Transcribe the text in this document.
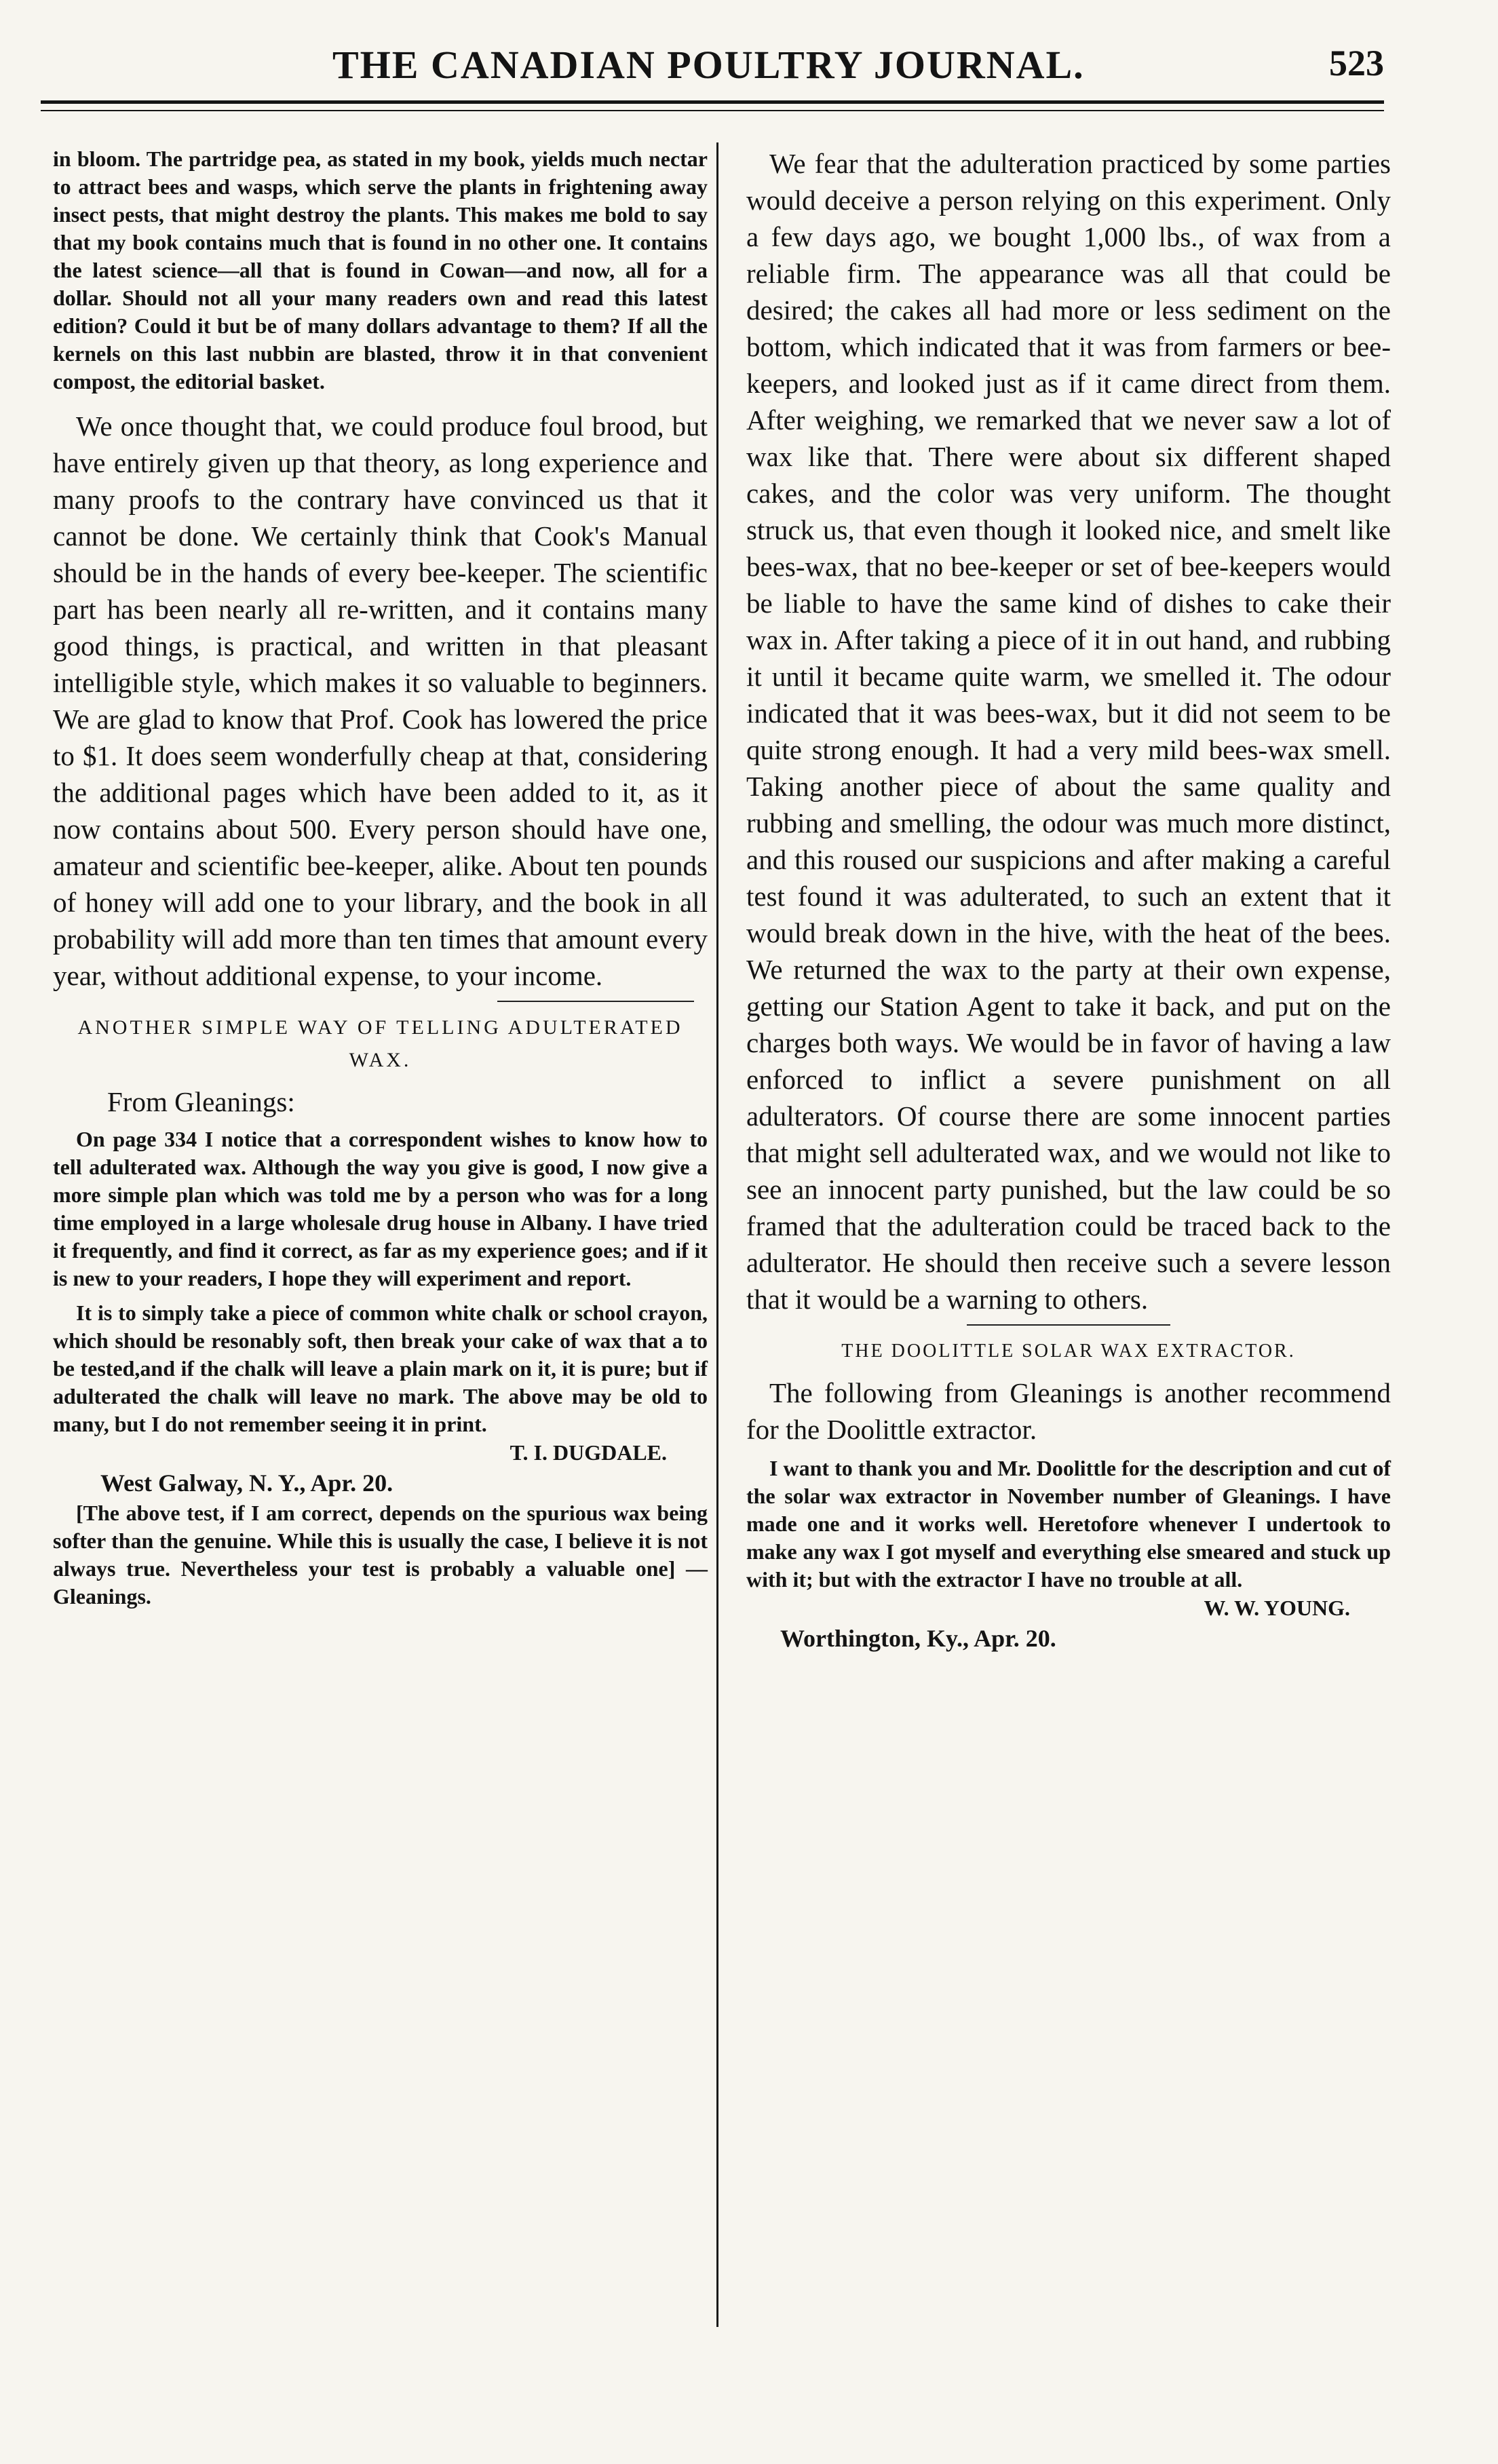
THE CANADIAN POULTRY JOURNAL.	523

in bloom. The partridge pea, as stated in my book, yields much nectar to attract bees and wasps, which serve the plants in frightening away insect pests, that might destroy the plants. This makes me bold to say that my book contains much that is found in no other one. It contains the latest science—all that is found in Cowan—and now, all for a dollar. Should not all your many readers own and read this latest edition? Could it but be of many dollars advantage to them? If all the kernels on this last nubbin are blasted, throw it in that convenient compost, the editorial basket.

We once thought that, we could produce foul brood, but have entirely given up that theory, as long experience and many proofs to the contrary have convinced us that it cannot be done. We certainly think that Cook's Manual should be in the hands of every bee-keeper. The scientific part has been nearly all re-written, and it contains many good things, is practical, and written in that pleasant intelligible style, which makes it so valuable to beginners. We are glad to know that Prof. Cook has lowered the price to $1. It does seem wonderfully cheap at that, considering the additional pages which have been added to it, as it now contains about 500. Every person should have one, amateur and scientific bee-keeper, alike. About ten pounds of honey will add one to your library, and the book in all probability will add more than ten times that amount every year, without additional expense, to your income.

ANOTHER SIMPLE WAY OF TELLING ADULTERATED WAX.

From Gleanings:

On page 334 I notice that a correspondent wishes to know how to tell adulterated wax. Although the way you give is good, I now give a more simple plan which was told me by a person who was for a long time employed in a large wholesale drug house in Albany. I have tried it frequently, and find it correct, as far as my experience goes; and if it is new to your readers, I hope they will experiment and report.

It is to simply take a piece of common white chalk or school crayon, which should be resonably soft, then break your cake of wax that a to be tested,and if the chalk will leave a plain mark on it, it is pure; but if adulterated the chalk will leave no mark. The above may be old to many, but I do not remember seeing it in print.

T. I. DUGDALE.

West Galway, N. Y., Apr. 20.

[The above test, if I am correct, depends on the spurious wax being softer than the genuine. While this is usually the case, I believe it is not always true. Nevertheless your test is probably a valuable one] —Gleanings.

We fear that the adulteration practiced by some parties would deceive a person relying on this experiment. Only a few days ago, we bought 1,000 lbs., of wax from a reliable firm. The appearance was all that could be desired; the cakes all had more or less sediment on the bottom, which indicated that it was from farmers or bee-keepers, and looked just as if it came direct from them. After weighing, we remarked that we never saw a lot of wax like that. There were about six different shaped cakes, and the color was very uniform. The thought struck us, that even though it looked nice, and smelt like bees-wax, that no bee-keeper or set of bee-keepers would be liable to have the same kind of dishes to cake their wax in. After taking a piece of it in out hand, and rubbing it until it became quite warm, we smelled it. The odour indicated that it was bees-wax, but it did not seem to be quite strong enough. It had a very mild bees-wax smell. Taking another piece of about the same quality and rubbing and smelling, the odour was much more distinct, and this roused our suspicions and after making a careful test found it was adulterated, to such an extent that it would break down in the hive, with the heat of the bees. We returned the wax to the party at their own expense, getting our Station Agent to take it back, and put on the charges both ways. We would be in favor of having a law enforced to inflict a severe punishment on all adulterators. Of course there are some innocent parties that might sell adulterated wax, and we would not like to see an innocent party punished, but the law could be so framed that the adulteration could be traced back to the adulterator. He should then receive such a severe lesson that it would be a warning to others.

THE DOOLITTLE SOLAR WAX EXTRACTOR.

The following from Gleanings is another recommend for the Doolittle extractor.

I want to thank you and Mr. Doolittle for the description and cut of the solar wax extractor in November number of Gleanings. I have made one and it works well. Heretofore whenever I undertook to make any wax I got myself and everything else smeared and stuck up with it; but with the extractor I have no trouble at all.

W. W. YOUNG.

Worthington, Ky., Apr. 20.
